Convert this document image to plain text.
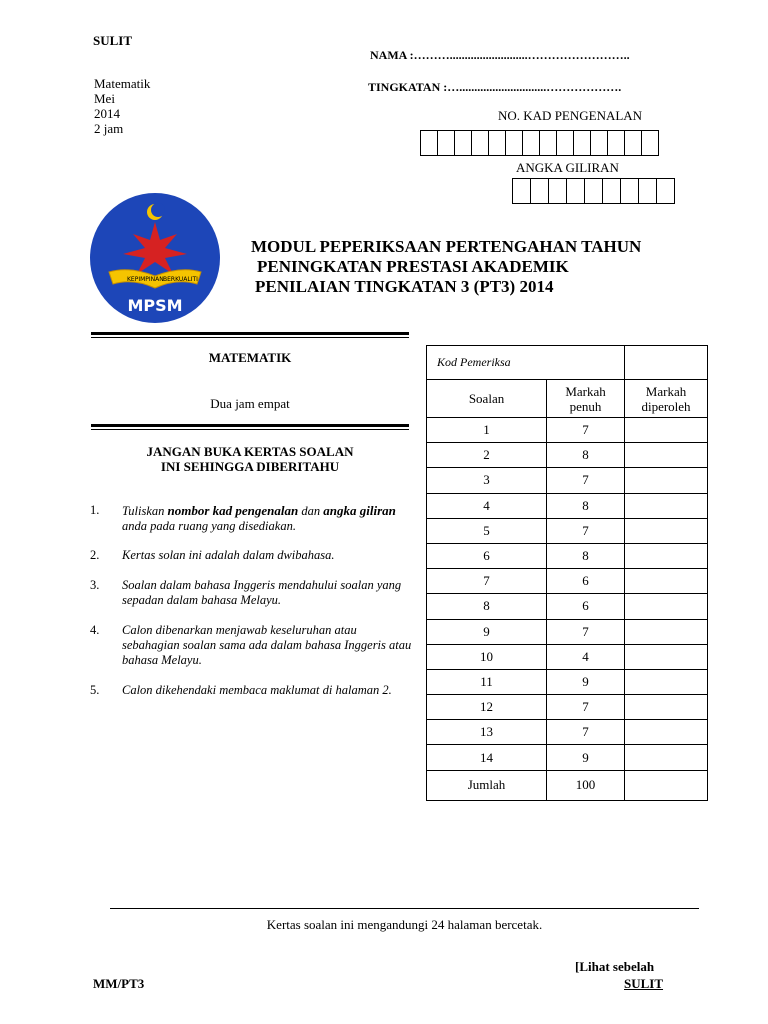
SULIT
NAMA :………..........................……………………..
TINGKATAN :….............................……………….
Matematik
Mei
2014
2 jam
NO. KAD PENGENALAN
ANGKA GILIRAN
KEPIMPINAN BERKUALITI
MPSM
MODUL PEPERIKSAAN PERTENGAHAN TAHUN
PENINGKATAN PRESTASI AKADEMIK
PENILAIAN TINGKATAN 3 (PT3) 2014
MATEMATIK
Dua jam empat
JANGAN BUKA KERTAS SOALAN
INI SEHINGGA DIBERITAHU
1. Tuliskan nombor kad pengenalan dan angka giliran anda pada ruang yang disediakan.
2. Kertas solan ini adalah dalam dwibahasa.
3. Soalan dalam bahasa Inggeris mendahului soalan yang sepadan dalam bahasa Melayu.
4. Calon dibenarkan menjawab keseluruhan atau sebahagian soalan sama ada dalam bahasa Inggeris atau bahasa Melayu.
5. Calon dikehendaki membaca maklumat di halaman 2.
Kod Pemeriksa		
Soalan	Markah penuh	Markah diperoleh

1	7	
2	8	
3	7	
4	8	
5	7	
6	8	
7	6	
8	6	
9	7	
10	4	
11	9	
12	7	
13	7	
14	9	
Jumlah	100	
Kertas soalan ini mengandungi 24 halaman bercetak.
[Lihat sebelah
MM/PT3	SULIT
